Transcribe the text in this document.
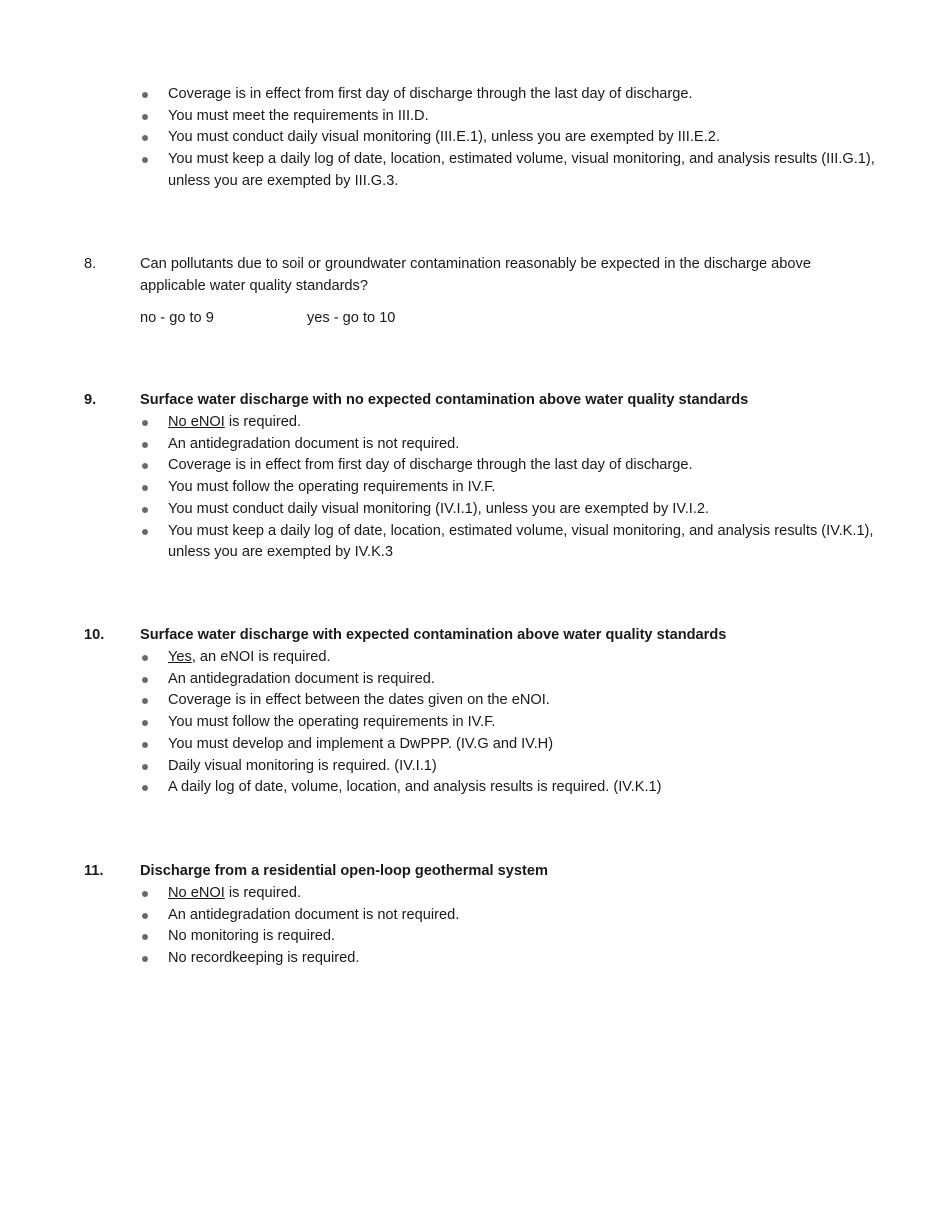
Coverage is in effect from first day of discharge through the last day of discharge.
You must meet the requirements in III.D.
You must conduct daily visual monitoring (III.E.1), unless you are exempted by III.E.2.
You must keep a daily log of date, location, estimated volume, visual monitoring, and analysis results (III.G.1), unless you are exempted by III.G.3.
8.	Can pollutants due to soil or groundwater contamination reasonably be expected in the discharge above applicable water quality standards?
no - go to 9	yes - go to 10
9.	Surface water discharge with no expected contamination above water quality standards
No eNOI is required.
An antidegradation document is not required.
Coverage is in effect from first day of discharge through the last day of discharge.
You must follow the operating requirements in IV.F.
You must conduct daily visual monitoring (IV.I.1), unless you are exempted by IV.I.2.
You must keep a daily log of date, location, estimated volume, visual monitoring, and analysis results (IV.K.1), unless you are exempted by IV.K.3
10. Surface water discharge with expected contamination above water quality standards
Yes, an eNOI is required.
An antidegradation document is required.
Coverage is in effect between the dates given on the eNOI.
You must follow the operating requirements in IV.F.
You must develop and implement a DwPPP. (IV.G and IV.H)
Daily visual monitoring is required. (IV.I.1)
A daily log of date, volume, location, and analysis results is required. (IV.K.1)
11.	Discharge from a residential open-loop geothermal system
No eNOI is required.
An antidegradation document is not required.
No monitoring is required.
No recordkeeping is required.
